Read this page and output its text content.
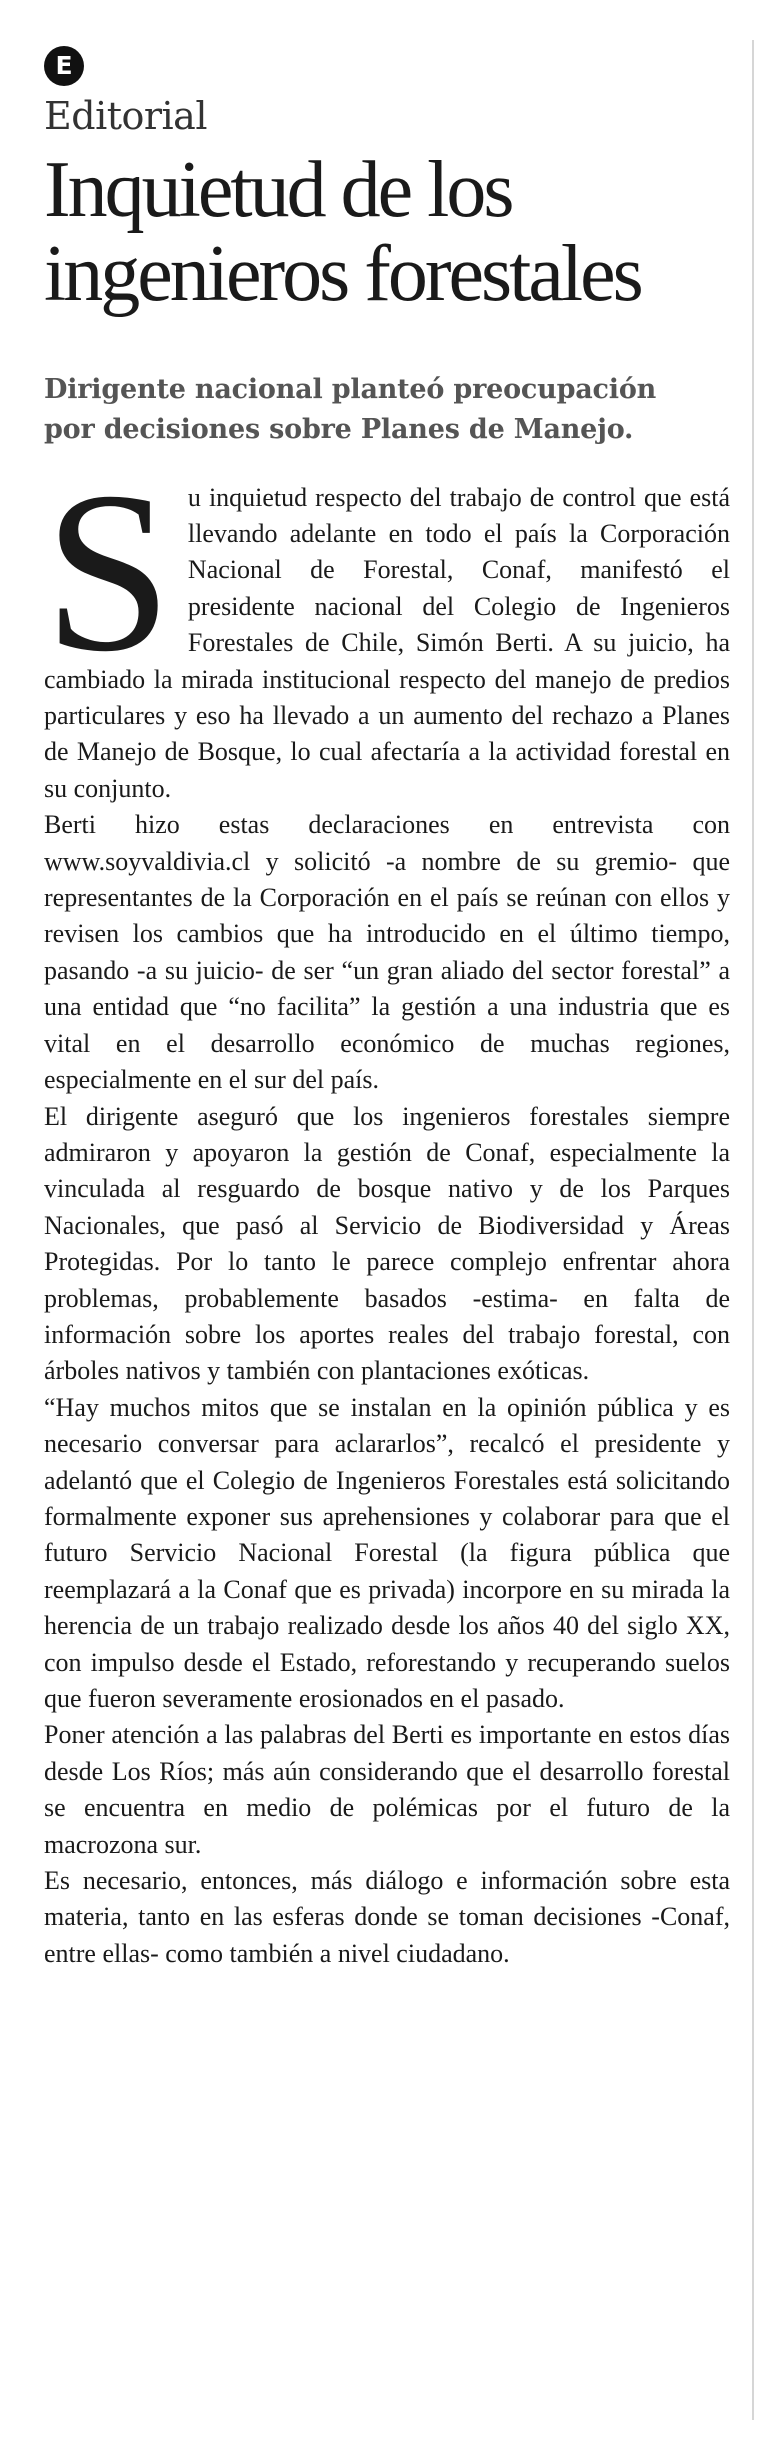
E
Editorial
Inquietud de los
ingenieros forestales
Dirigente nacional planteó preocupación
por decisiones sobre Planes de Manejo.
S u inquietud respecto del trabajo de control que está llevando adelante en todo el país la Corporación Nacional de Forestal, Conaf, manifestó el presidente nacional del Colegio de Ingenieros Forestales de Chile, Simón Berti. A su juicio, ha cambiado la mirada institucional respecto del manejo de predios particulares y eso ha llevado a un aumento del rechazo a Planes de Manejo de Bosque, lo cual afectaría a la actividad forestal en su conjunto.

Berti hizo estas declaraciones en entrevista con www.soyvaldivia.cl y solicitó -a nombre de su gremio- que representantes de la Corporación en el país se reúnan con ellos y revisen los cambios que ha introducido en el último tiempo, pasando -a su juicio- de ser “un gran aliado del sector forestal” a una entidad que “no facilita” la gestión a una industria que es vital en el desarrollo económico de muchas regiones, especialmente en el sur del país.

El dirigente aseguró que los ingenieros forestales siempre admiraron y apoyaron la gestión de Conaf, especialmente la vinculada al resguardo de bosque nativo y de los Parques Nacionales, que pasó al Servicio de Biodiversidad y Áreas Protegidas. Por lo tanto le parece complejo enfrentar ahora problemas, probablemente basados -estima- en falta de información sobre los aportes reales del trabajo forestal, con árboles nativos y también con plantaciones exóticas.

“Hay muchos mitos que se instalan en la opinión pública y es necesario conversar para aclararlos”, recalcó el presidente y adelantó que el Colegio de Ingenieros Forestales está solicitando formalmente exponer sus aprehensiones y colaborar para que el futuro Servicio Nacional Forestal (la figura pública que reemplazará a la Conaf que es privada) incorpore en su mirada la herencia de un trabajo realizado desde los años 40 del siglo XX, con impulso desde el Estado, reforestando y recuperando suelos que fueron severamente erosionados en el pasado.

Poner atención a las palabras del Berti es importante en estos días desde Los Ríos; más aún considerando que el desarrollo forestal se encuentra en medio de polémicas por el futuro de la macrozona sur.

Es necesario, entonces, más diálogo e información sobre esta materia, tanto en las esferas donde se toman decisiones -Conaf, entre ellas- como también a nivel ciudadano.
